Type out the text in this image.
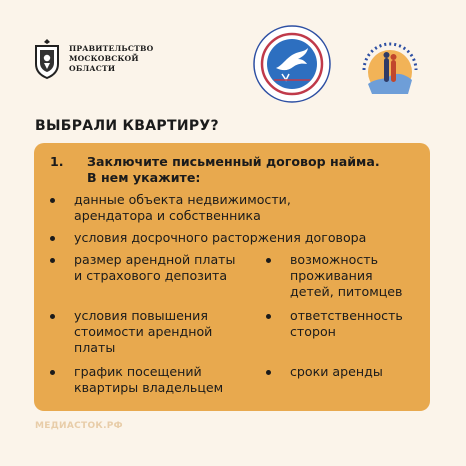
ПРАВИТЕЛЬСТВО
МОСКОВСКОЙ
ОБЛАСТИ
ВЫБРАЛИ КВАРТИРУ?
1.	Заключите письменный договор найма. В нем укажите:
данные объекта недвижимости, арендатора и собственника
условия досрочного расторжения договора
размер арендной платы и страхового депозита
условия повышения стоимости арендной платы
график посещений квартиры владельцем
возможность проживания детей, питомцев
ответственность сторон
сроки аренды
МЕДИАСТОК.РФ
